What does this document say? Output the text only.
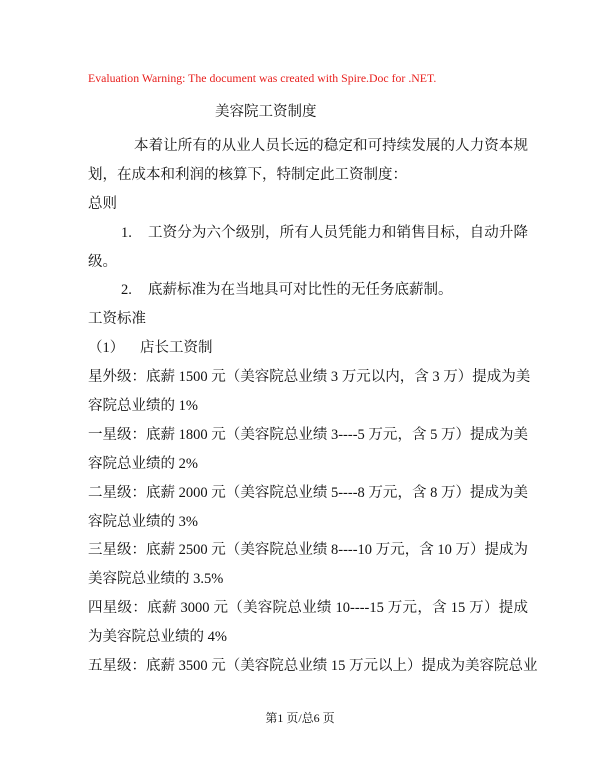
Evaluation Warning: The document was created with Spire.Doc for .NET.
美容院工资制度
本着让所有的从业人员长远的稳定和可持续发展的人力资本规
划，在成本和利润的核算下，特制定此工资制度：
总则
1.	工资分为六个级别，所有人员凭能力和销售目标，自动升降
级。
2.	底薪标准为在当地具可对比性的无任务底薪制。
工资标准
（1）	店长工资制
星外级：底薪 1500 元（美容院总业绩 3 万元以内，含 3 万）提成为美
容院总业绩的 1%
一星级：底薪 1800 元（美容院总业绩 3----5 万元，含 5 万）提成为美
容院总业绩的 2%
二星级：底薪 2000 元（美容院总业绩 5----8 万元，含 8 万）提成为美
容院总业绩的 3%
三星级：底薪 2500 元（美容院总业绩 8----10 万元，含 10 万）提成为
美容院总业绩的 3.5%
四星级：底薪 3000 元（美容院总业绩 10----15 万元，含 15 万）提成
为美容院总业绩的 4%
五星级：底薪 3500 元（美容院总业绩 15 万元以上）提成为美容院总业
第1 页/总6 页
